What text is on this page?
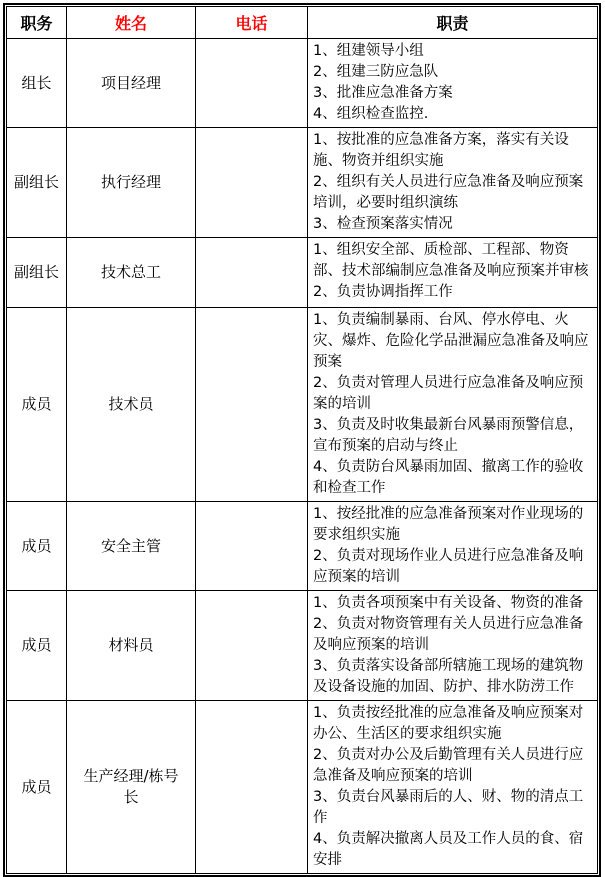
职务	姓名	电话	职责
组长	项目经理		1、组建领导小组
2、组建三防应急队
3、批准应急准备方案
4、组织检查监控.

副组长	执行经理		1、按批准的应急准备方案，落实有关设施、物资并组织实施
2、组织有关人员进行应急准备及响应预案培训，必要时组织演练
3、检查预案落实情况

副组长	技术总工		1、组织安全部、质检部、工程部、物资部、技术部编制应急准备及响应预案并审核
2、负责协调指挥工作

成员	技术员		1、负责编制暴雨、台风、停水停电、火灾、爆炸、危险化学品泄漏应急准备及响应预案
2、负责对管理人员进行应急准备及响应预案的培训
3、负责及时收集最新台风暴雨预警信息，宣布预案的启动与终止
4、负责防台风暴雨加固、撤离工作的验收和检查工作

成员	安全主管		1、按经批准的应急准备预案对作业现场的要求组织实施
2、负责对现场作业人员进行应急准备及响应预案的培训

成员	材料员		1、负责各项预案中有关设备、物资的准备
2、负责对物资管理有关人员进行应急准备及响应预案的培训
3、负责落实设备部所辖施工现场的建筑物及设备设施的加固、防护、排水防涝工作

成员	生产经理/栋号长		1、负责按经批准的应急准备及响应预案对办公、生活区的要求组织实施
2、负责对办公及后勤管理有关人员进行应急准备及响应预案的培训
3、负责台风暴雨后的人、财、物的清点工作
4、负责解决撤离人员及工作人员的食、宿安排
